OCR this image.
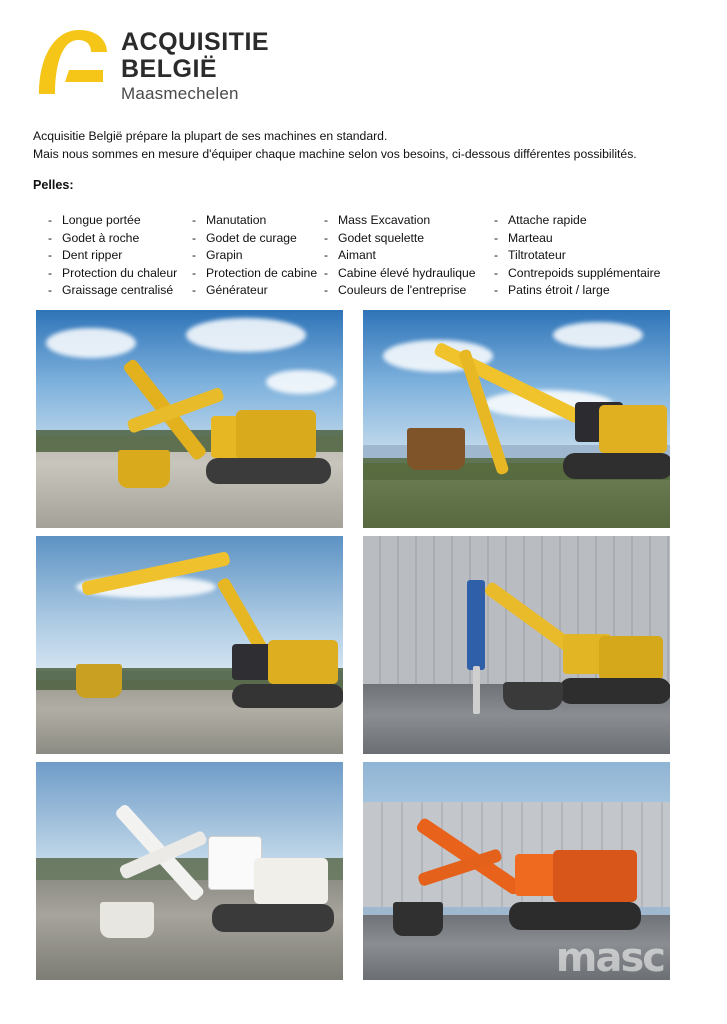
ACQUISITIE
BELGIË
Maasmechelen
Acquisitie België prépare la plupart de ses machines en standard.
Mais nous sommes en mesure d'équiper chaque machine selon vos besoins, ci-dessous différentes possibilités.
Pelles:
- Longue portée	- Manutation	- Mass Excavation	- Attache rapide
- Godet à roche	- Godet de curage - Godet squelette	- Marteau
- Dent ripper	- Grapin	- Aimant	- Tiltrotateur
- Protection du chaleur - Protection de cabine - Cabine élevé hydraulique - Contrepoids supplémentaire
- Graissage centralisé - Générateur	- Couleurs de l'entreprise - Patins étroit / large
masc
